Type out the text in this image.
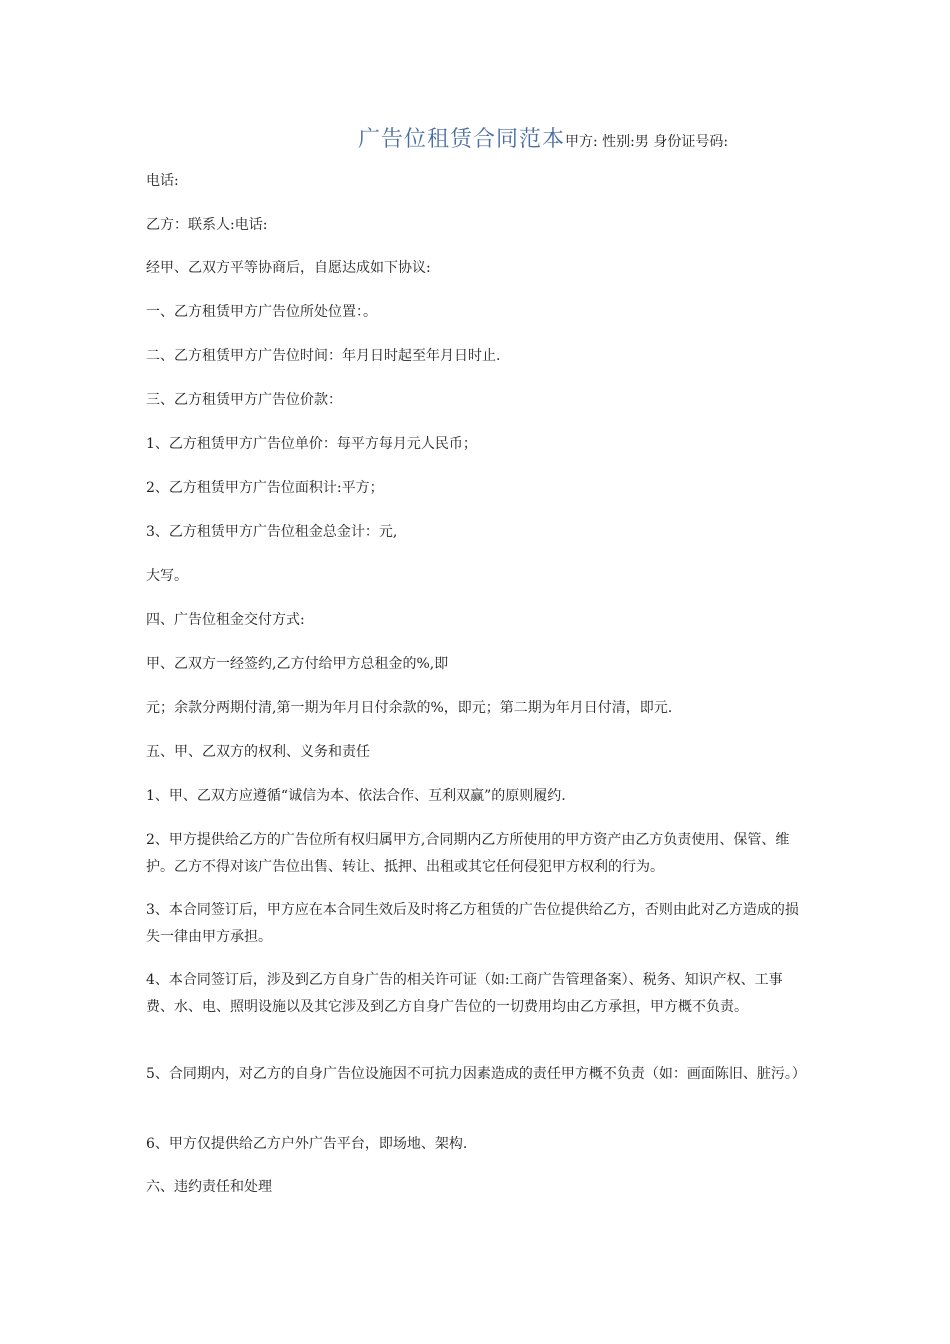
广告位租赁合同范本甲方: 性别:男 身份证号码:

电话:

乙方：联系人:电话:

经甲、乙双方平等协商后，自愿达成如下协议:

一、乙方租赁甲方广告位所处位置：。

二、乙方租赁甲方广告位时间：年月日时起至年月日时止.

三、乙方租赁甲方广告位价款：

1、乙方租赁甲方广告位单价：每平方每月元人民币；

2、乙方租赁甲方广告位面积计:平方；

3、乙方租赁甲方广告位租金总金计：元,

大写。

四、广告位租金交付方式:

甲、乙双方一经签约,乙方付给甲方总租金的%,即

元；余款分两期付清,第一期为年月日付余款的%，即元；第二期为年月日付清，即元.

五、甲、乙双方的权利、义务和责任

1、甲、乙双方应遵循“诚信为本、依法合作、互利双赢”的原则履约.

2、甲方提供给乙方的广告位所有权归属甲方,合同期内乙方所使用的甲方资产由乙方负责使用、保管、维护。乙方不得对该广告位出售、转让、抵押、出租或其它任何侵犯甲方权利的行为。

3、本合同签订后，甲方应在本合同生效后及时将乙方租赁的广告位提供给乙方，否则由此对乙方造成的损失一律由甲方承担。

4、本合同签订后，涉及到乙方自身广告的相关许可证（如:工商广告管理备案）、税务、知识产权、工事费、水、电、照明设施以及其它涉及到乙方自身广告位的一切费用均由乙方承担，甲方概不负责。

5、合同期内，对乙方的自身广告位设施因不可抗力因素造成的责任甲方概不负责（如：画面陈旧、脏污。）

6、甲方仅提供给乙方户外广告平台，即场地、架构.

六、违约责任和处理
